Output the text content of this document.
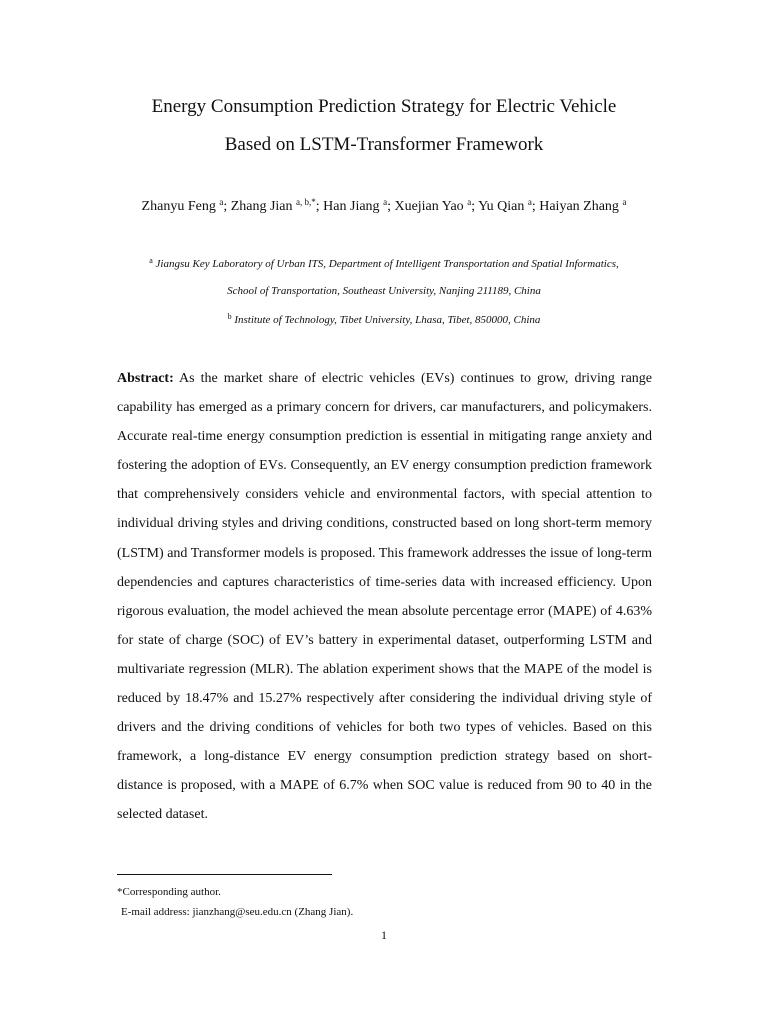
Energy Consumption Prediction Strategy for Electric Vehicle
Based on LSTM-Transformer Framework
Zhanyu Feng $^a$; Zhang Jian $^{a, b,*}$; Han Jiang $^a$; Xuejian Yao $^a$; Yu Qian $^a$; Haiyan Zhang $^a$
$^a$ Jiangsu Key Laboratory of Urban ITS, Department of Intelligent Transportation and Spatial Informatics,
School of Transportation, Southeast University, Nanjing 211189, China
$^b$ Institute of Technology, Tibet University, Lhasa, Tibet, 850000, China
Abstract: As the market share of electric vehicles (EVs) continues to grow, driving range capability has emerged as a primary concern for drivers, car manufacturers, and policymakers. Accurate real-time energy consumption prediction is essential in mitigating range anxiety and fostering the adoption of EVs. Consequently, an EV energy consumption prediction framework that comprehensively considers vehicle and environmental factors, with special attention to individual driving styles and driving conditions, constructed based on long short-term memory (LSTM) and Transformer models is proposed. This framework addresses the issue of long-term dependencies and captures characteristics of time-series data with increased efficiency. Upon rigorous evaluation, the model achieved the mean absolute percentage error (MAPE) of 4.63% for state of charge (SOC) of EV’s battery in experimental dataset, outperforming LSTM and multivariate regression (MLR). The ablation experiment shows that the MAPE of the model is reduced by 18.47% and 15.27% respectively after considering the individual driving style of drivers and the driving conditions of vehicles for both two types of vehicles. Based on this framework, a long-distance EV energy consumption prediction strategy based on short-distance is proposed, with a MAPE of 6.7% when SOC value is reduced from 90 to 40 in the selected dataset.
*Corresponding author.
E-mail address: jianzhang@seu.edu.cn (Zhang Jian).
1
